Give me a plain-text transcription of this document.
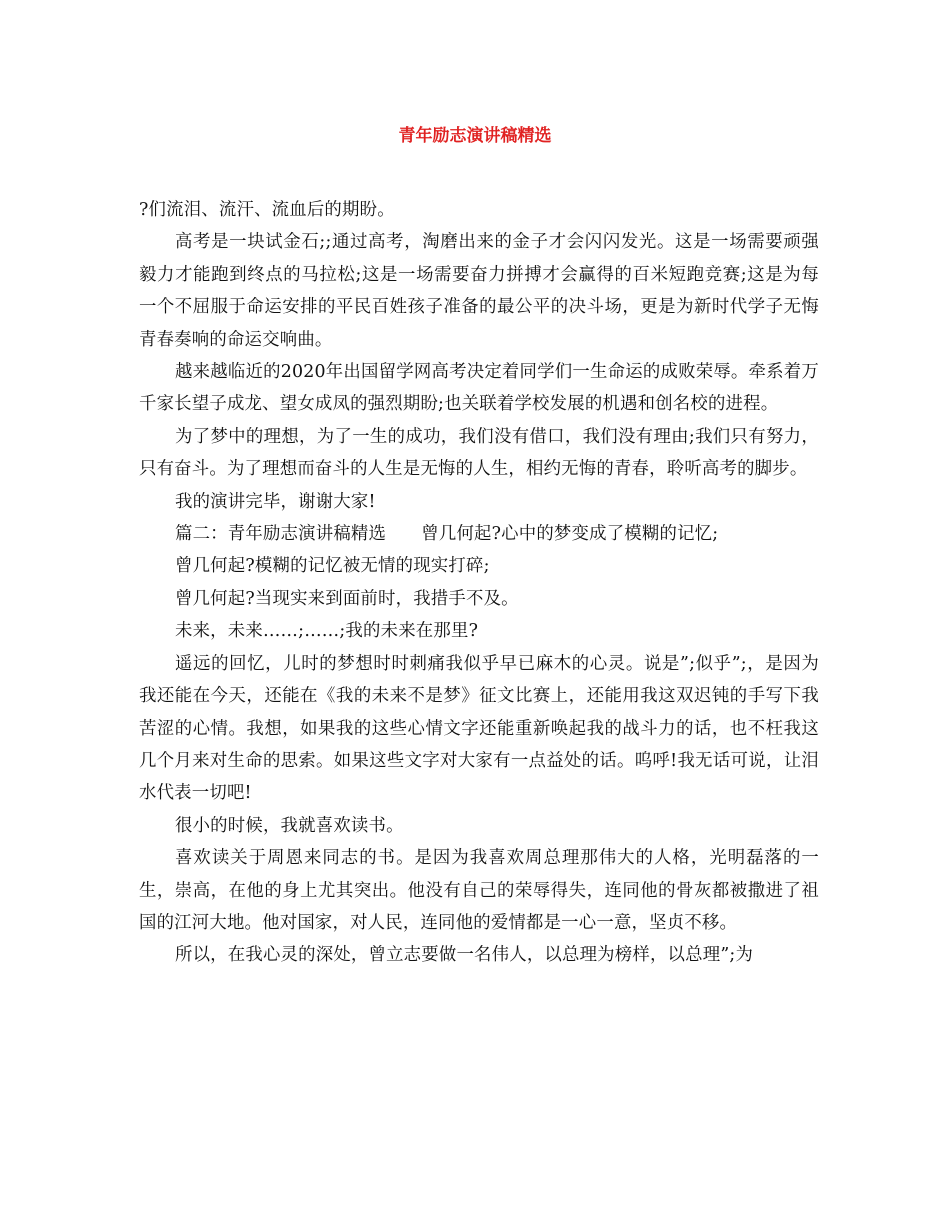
青年励志演讲稿精选

?们流泪、流汗、流血后的期盼。

高考是一块试金石;;通过高考，淘磨出来的金子才会闪闪发光。这是一场需要顽强毅力才能跑到终点的马拉松;这是一场需要奋力拼搏才会赢得的百米短跑竞赛;这是为每一个不屈服于命运安排的平民百姓孩子准备的最公平的决斗场，更是为新时代学子无悔青春奏响的命运交响曲。

越来越临近的2020年出国留学网高考决定着同学们一生命运的成败荣辱。牵系着万千家长望子成龙、望女成凤的强烈期盼;也关联着学校发展的机遇和创名校的进程。

为了梦中的理想，为了一生的成功，我们没有借口，我们没有理由;我们只有努力，只有奋斗。为了理想而奋斗的人生是无悔的人生，相约无悔的青春，聆听高考的脚步。

我的演讲完毕，谢谢大家!

篇二：青年励志演讲稿精选　　曾几何起?心中的梦变成了模糊的记忆;

曾几何起?模糊的记忆被无情的现实打碎;

曾几何起?当现实来到面前时，我措手不及。

未来，未来……;……;我的未来在那里?

遥远的回忆，儿时的梦想时时刺痛我似乎早已麻木的心灵。说是”;似乎”;，是因为我还能在今天，还能在《我的未来不是梦》征文比赛上，还能用我这双迟钝的手写下我苦涩的心情。我想，如果我的这些心情文字还能重新唤起我的战斗力的话，也不枉我这几个月来对生命的思索。如果这些文字对大家有一点益处的话。呜呼!我无话可说，让泪水代表一切吧!

很小的时候，我就喜欢读书。

喜欢读关于周恩来同志的书。是因为我喜欢周总理那伟大的人格，光明磊落的一生，崇高，在他的身上尤其突出。他没有自己的荣辱得失，连同他的骨灰都被撒进了祖国的江河大地。他对国家，对人民，连同他的爱情都是一心一意，坚贞不移。

所以，在我心灵的深处，曾立志要做一名伟人，以总理为榜样，以总理”;为
